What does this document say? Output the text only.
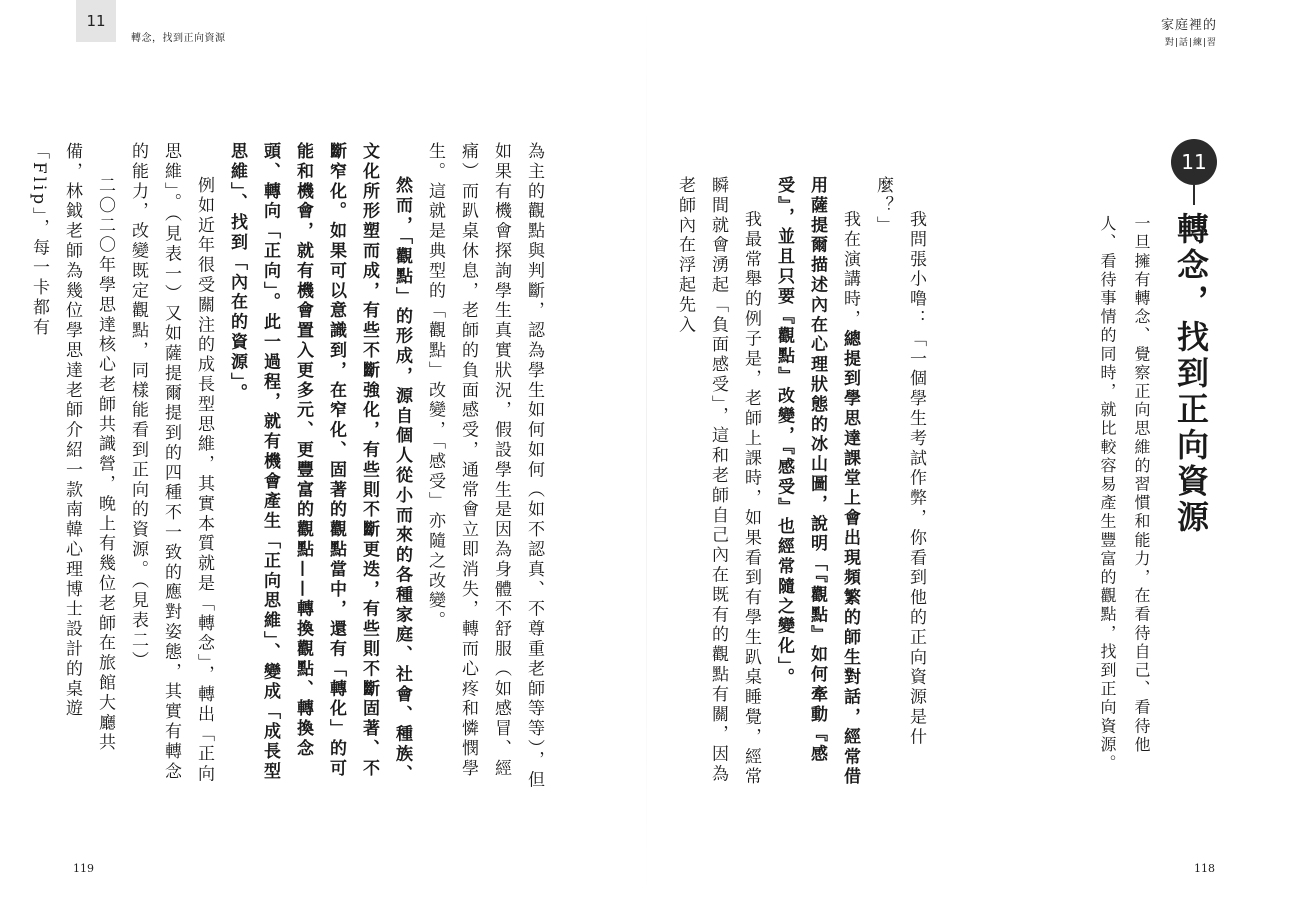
11
轉念，找到正向資源

為主的觀點與判斷，認為學生如何如何（如不認真、不尊重老師等等），但如果有機會探詢學生真實狀況，假設學生是因為身體不舒服（如感冒、經痛）而趴桌休息，老師的負面感受，通常會立即消失，轉而心疼和憐憫學生。這就是典型的「觀點」改變，「感受」亦隨之改變。

然而，「觀點」的形成，源自個人從小而來的各種家庭、社會、種族、文化所形塑而成，有些不斷強化，有些則不斷更迭，有些則不斷固著、不斷窄化。如果可以意識到，在窄化、固著的觀點當中，還有「轉化」的可能和機會，就有機會置入更多元、更豐富的觀點——轉換觀點、轉換念頭、轉向「正向」。此一過程，就有機會產生「正向思維」、變成「成長型思維」、找到「內在的資源」。

例如近年很受關注的成長型思維，其實本質就是「轉念」，轉出「正向思維」。（見表一）又如薩提爾提到的四種不一致的應對姿態，其實有轉念的能力，改變既定觀點，同樣能看到正向的資源。（見表二）

二〇二〇年學思達核心老師共識營，晚上有幾位老師在旅館大廳共備，林鉞老師為幾位學思達老師介紹一款南韓心理博士設計的桌遊「Flip」，每一卡都有

119
家庭裡的
對|話|練|習
11
轉念，找到正向資源
一旦擁有轉念、覺察正向思維的習慣和能力，在看待自己、看待他人、看待事情的同時，就比較容易產生豐富的觀點，找到正向資源。

我問張小噜：「一個學生考試作弊，你看到他的正向資源是什麼？」

我在演講時，總提到學思達課堂上會出現頻繁的師生對話，經常借用薩提爾描述內在心理狀態的冰山圖，說明「『觀點』如何牽動『感受』，並且只要『觀點』改變，『感受』也經常隨之變化」。

我最常舉的例子是，老師上課時，如果看到有學生趴桌睡覺，經常瞬間就會湧起「負面感受」，這和老師自己內在既有的觀點有關，因為老師內在浮起先入

118
